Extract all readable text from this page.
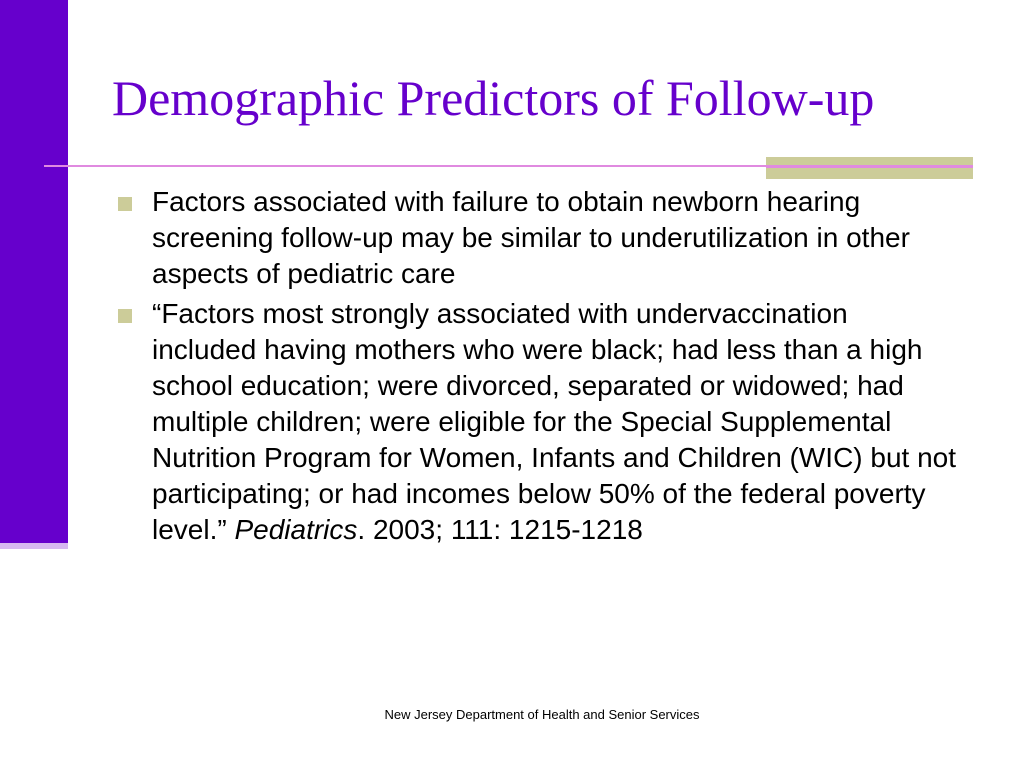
Demographic Predictors of Follow-up
Factors associated with failure to obtain newborn hearing screening follow-up may be similar to underutilization in other aspects of pediatric care
“Factors most strongly associated with undervaccination included having mothers who were black; had less than a high school education; were divorced, separated or widowed; had multiple children; were eligible for the Special Supplemental Nutrition Program for Women, Infants and Children (WIC) but not participating; or had incomes below 50% of the federal poverty level.” Pediatrics. 2003; 111: 1215-1218
New Jersey Department of Health and Senior Services
